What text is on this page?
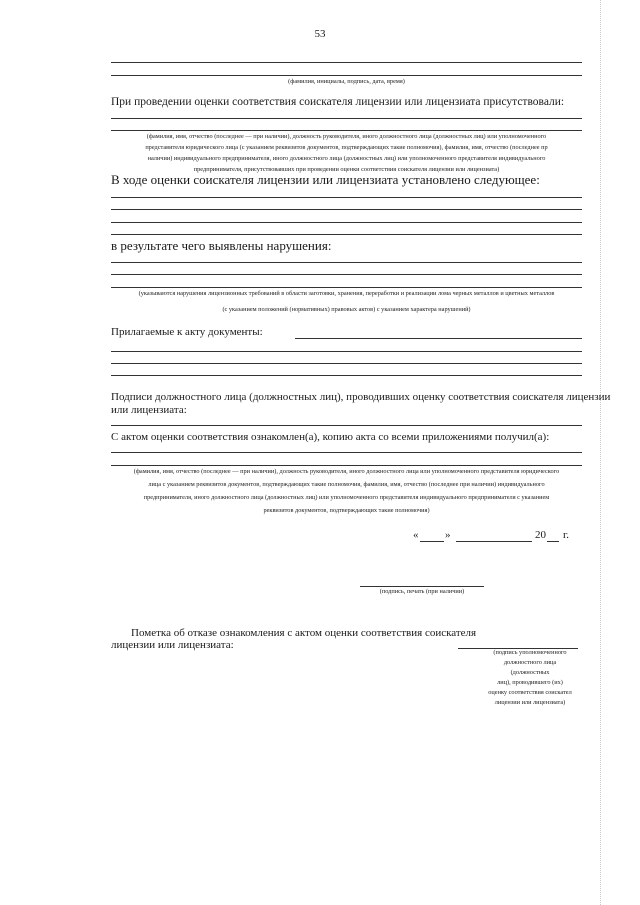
53
(фамилия, инициалы, подпись, дата, время)
При проведении оценки соответствия соискателя лицензии или лицензиата присутствовали:
(фамилия, имя, отчество (последнее — при наличии), должность руководителя, иного должностного лица (должностных лиц) или уполномоченного
представителя юридического лица (с указанием реквизитов документов, подтверждающих такие полномочия), фамилия, имя, отчество (последнее пр
наличии) индивидуального предпринимателя, иного должностного лица (должностных лиц) или уполномоченного представителя индивидуального
предпринимателя, присутствовавших при проведении оценки соответствия соискателя лицензии или лицензиата)
В ходе оценки соискателя лицензии или лицензиата установлено следующее:
в результате чего выявлены нарушения:
(указываются нарушения лицензионных требований в области заготовки, хранения, переработки и реализации лома черных металлов и цветных металлов
(с указанием положений (нормативных) правовых актов) с указанием характера нарушений)
Прилагаемые к акту документы:
Подписи должностного лица (должностных лиц), проводивших оценку соответствия соискателя лицензии
или лицензиата:
С актом оценки соответствия ознакомлен(а), копию акта со всеми приложениями получил(а):
(фамилия, имя, отчество (последнее — при наличии), должность руководителя, иного должностного лица или уполномоченного представителя юридического
лица с указанием реквизитов документов, подтверждающих такие полномочия, фамилия, имя, отчество (последнее при наличии) индивидуального
предпринимателя, иного должностного лица (должностных лиц) или уполномоченного представителя индивидуального предпринимателя с указанием
реквизитов документов, подтверждающих такие полномочия)
« »	20 г.
(подпись, печать (при наличии)
Пометка об отказе ознакомления с актом оценки соответствия соискателя
лицензии или лицензиата:
(подпись уполномоченного
должностного лица
(должностных
лиц), проводившего (их)
оценку соответствия соискател
лицензии или лицензиата)
